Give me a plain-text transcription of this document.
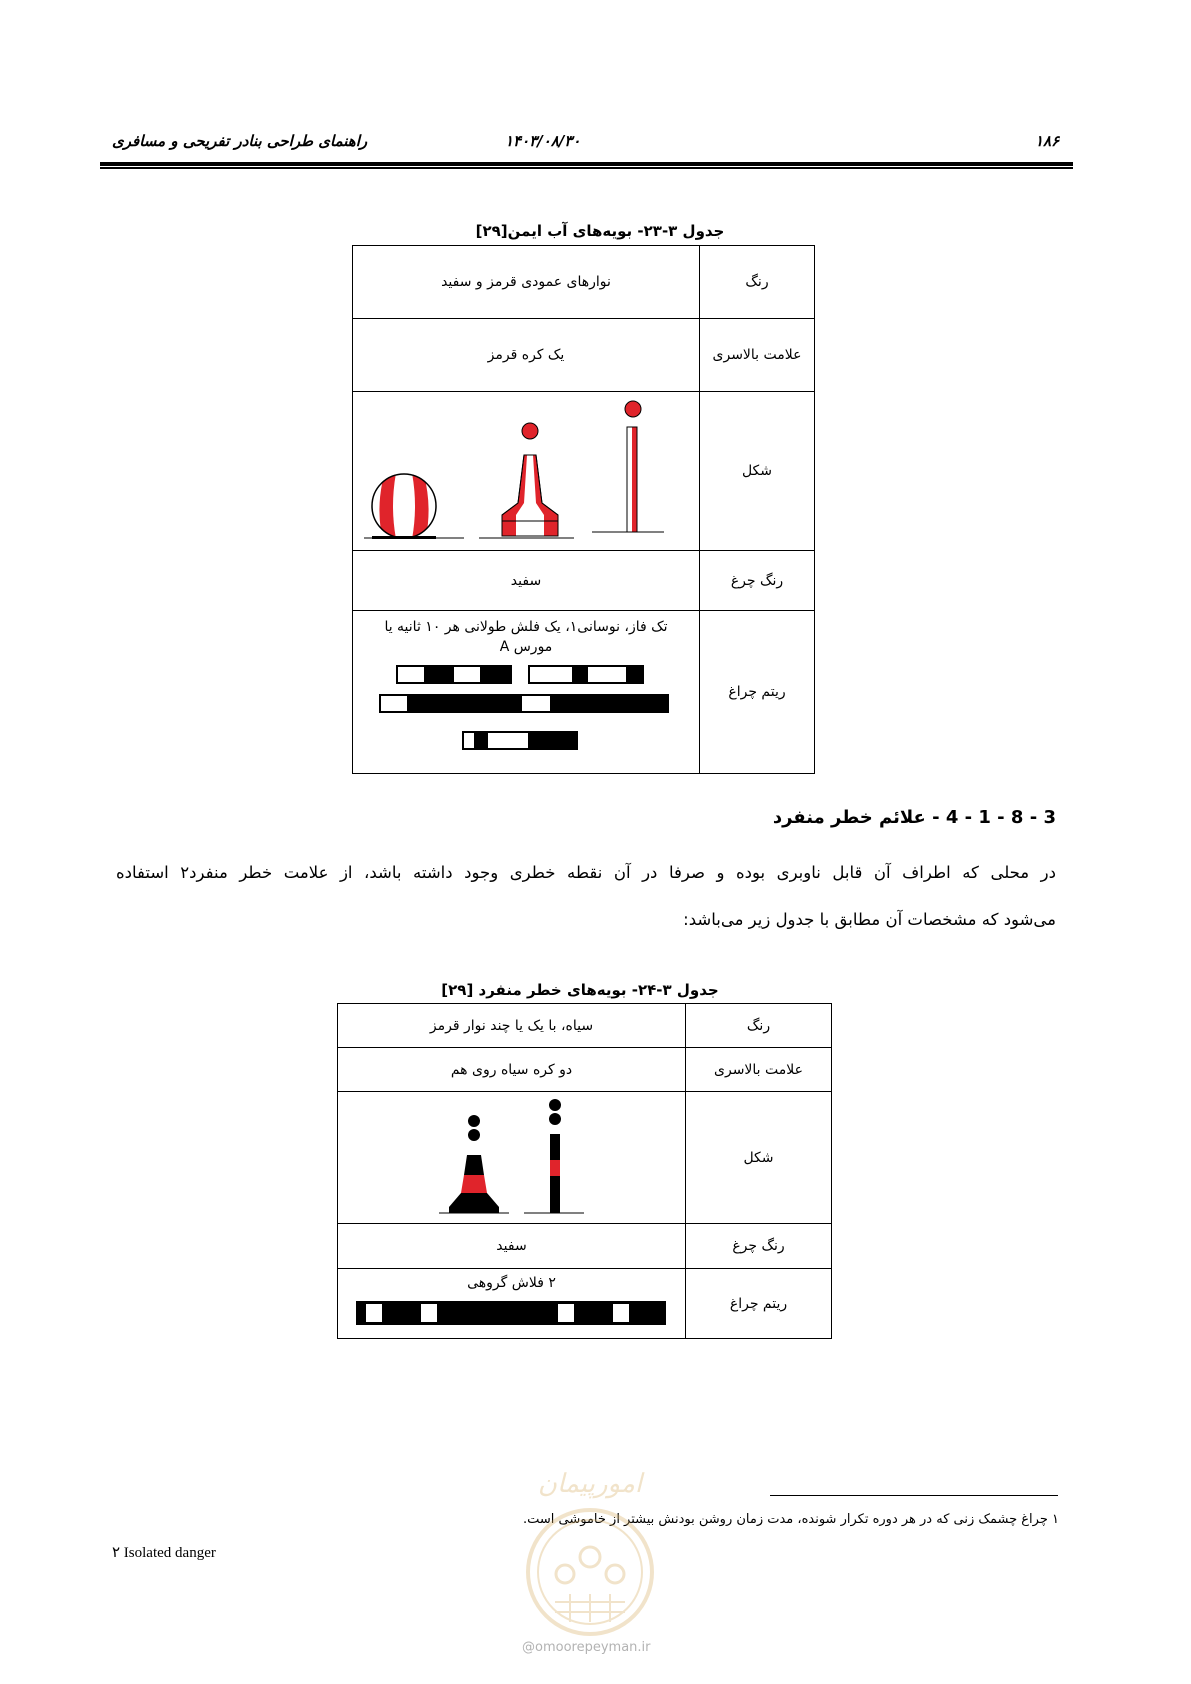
۱۸۶
۱۴۰۳/۰۸/۳۰
راهنمای طراحی بنادر تفریحی و مسافری
جدول ۳-۲۳- بویه‌های آب ایمن[۲۹]
رنگ	نوارهای عمودی قرمز و سفید
علامت بالاسری	یک کره قرمز
شکل	

رنگ چرغ	سفید
ریتم چراغ	تک فاز، نوسانی۱، یک فلش طولانی هر ۱۰ ثانیه یا
مورس A
3 - 8 - 1 - 4 - علائم خطر منفرد
در محلی که اطراف آن قابل ناوبری بوده و صرفا در آن نقطه خطری وجود داشته باشد، از علامت خطر منفرد۲ استفاده
می‌شود که مشخصات آن مطابق با جدول زیر می‌باشد:
جدول ۳-۲۴- بویه‌های خطر منفرد [۲۹]
رنگ	سیاه، با یک یا چند نوار قرمز
علامت بالاسری	دو کره سیاه روی هم
شکل	

رنگ چرغ	سفید
ریتم چراغ	۲ فلاش گروهی
۱ چراغ چشمک زنی که در هر دوره تکرار شونده، مدت زمان روشن بودنش بیشتر از خاموشی است.
۲ Isolated danger
امورپیمان
@omoorepeyman.ir
